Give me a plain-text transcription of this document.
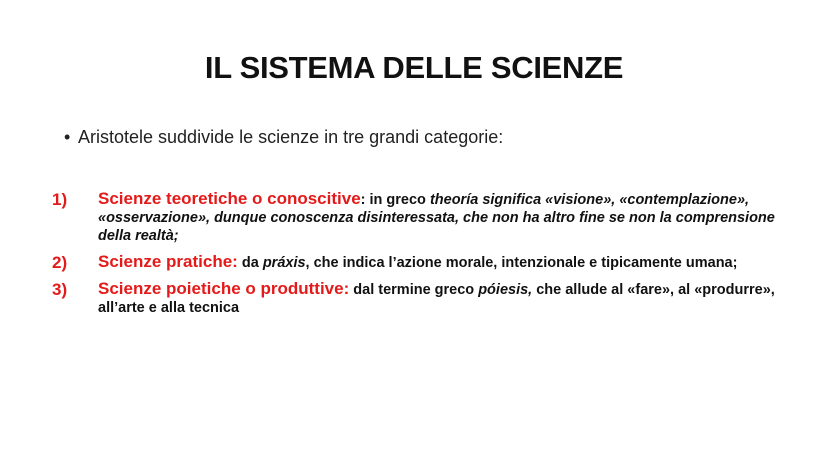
IL SISTEMA DELLE SCIENZE
• Aristotele suddivide le scienze in tre grandi categorie:
1) Scienze teoretiche o conoscitive: in greco theoría significa «visione», «contemplazione», «osservazione», dunque conoscenza disinteressata, che non ha altro fine se non la comprensione della realtà;
2) Scienze pratiche: da práxis, che indica l’azione morale, intenzionale e tipicamente umana;
3) Scienze poietiche o produttive: dal termine greco póiesis, che allude al «fare», al «produrre», all’arte e alla tecnica
